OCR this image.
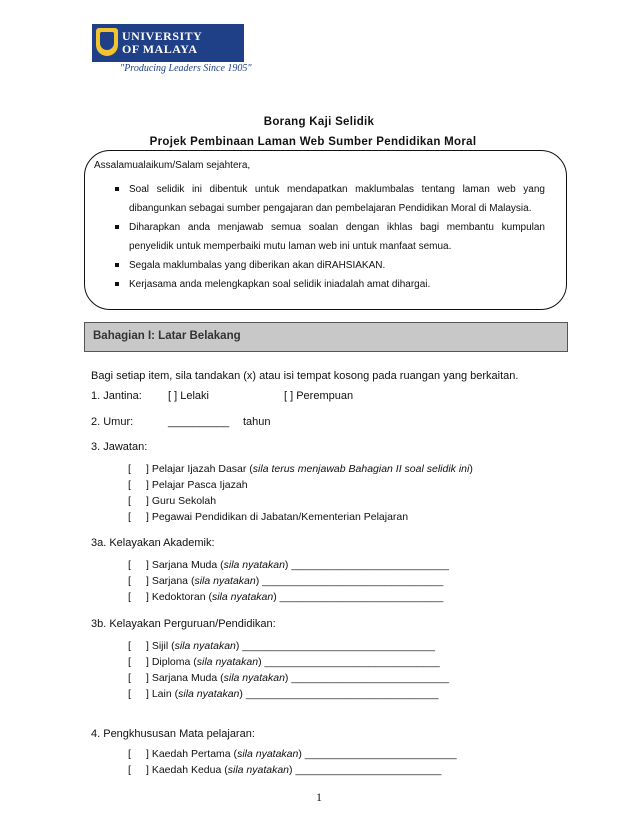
UNIVERSITY
OF MALAYA
"Producing Leaders Since 1905"
Borang Kaji Selidik
Projek Pembinaan Laman Web Sumber Pendidikan Moral
Assalamualaikum/Salam sejahtera,
Soal selidik ini dibentuk untuk mendapatkan maklumbalas tentang laman web yang dibangunkan sebagai sumber pengajaran dan pembelajaran Pendidikan Moral di Malaysia.
Diharapkan anda menjawab semua soalan dengan ikhlas bagi membantu kumpulan penyelidik untuk memperbaiki mutu laman web ini untuk manfaat semua.
Segala maklumbalas yang diberikan akan diRAHSIAKAN.
Kerjasama anda melengkapkan soal selidik iniadalah amat dihargai.
Bahagian I: Latar Belakang
Bagi setiap item, sila tandakan (x) atau isi tempat kosong pada ruangan yang berkaitan.
1. Jantina: [ ] Lelaki	[ ] Perempuan
2. Umur:	__________ tahun
3. Jawatan:
[ ] Pelajar Ijazah Dasar (sila terus menjawab Bahagian II soal selidik ini)
[ ] Pelajar Pasca Ijazah
[ ] Guru Sekolah
[ ] Pegawai Pendidikan di Jabatan/Kementerian Pelajaran
3a. Kelayakan Akademik:
[ ] Sarjana Muda (sila nyatakan) ___________________________
[ ] Sarjana (sila nyatakan) _______________________________
[ ] Kedoktoran (sila nyatakan) ____________________________
3b. Kelayakan Perguruan/Pendidikan:
[ ] Sijil (sila nyatakan) _________________________________
[ ] Diploma (sila nyatakan) ______________________________
[ ] Sarjana Muda (sila nyatakan) ___________________________
[ ] Lain (sila nyatakan) _________________________________
4. Pengkhususan Mata pelajaran:
[ ] Kaedah Pertama (sila nyatakan) __________________________
[ ] Kaedah Kedua (sila nyatakan) _________________________
1
